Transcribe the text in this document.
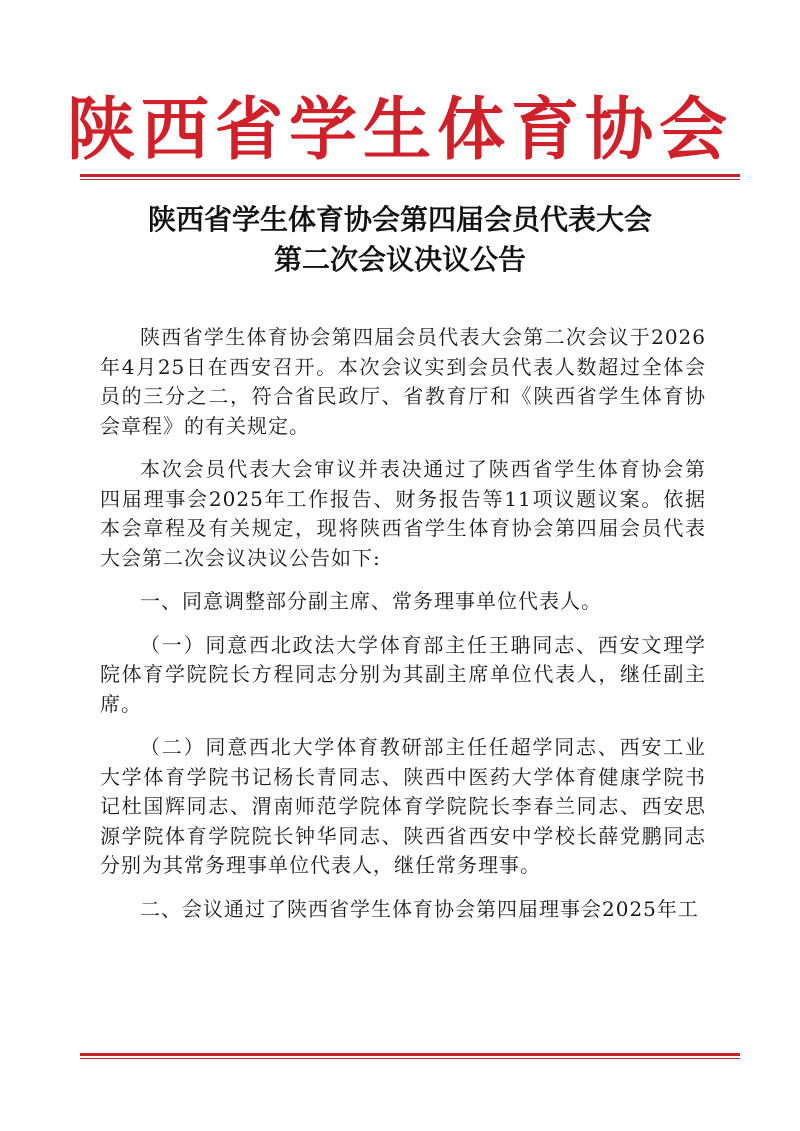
陕西省学生体育协会
陕西省学生体育协会第四届会员代表大会
第二次会议决议公告

陕西省学生体育协会第四届会员代表大会第二次会议于2026年4月25日在西安召开。本次会议实到会员代表人数超过全体会员的三分之二，符合省民政厅、省教育厅和《陕西省学生体育协会章程》的有关规定。

本次会员代表大会审议并表决通过了陕西省学生体育协会第四届理事会2025年工作报告、财务报告等11项议题议案。依据本会章程及有关规定，现将陕西省学生体育协会第四届会员代表大会第二次会议决议公告如下:

一、同意调整部分副主席、常务理事单位代表人。

（一）同意西北政法大学体育部主任王聃同志、西安文理学院体育学院院长方程同志分别为其副主席单位代表人，继任副主席。

（二）同意西北大学体育教研部主任任超学同志、西安工业大学体育学院书记杨长青同志、陕西中医药大学体育健康学院书记杜国辉同志、渭南师范学院体育学院院长李春兰同志、西安思源学院体育学院院长钟华同志、陕西省西安中学校长薛党鹏同志分别为其常务理事单位代表人，继任常务理事。

二、会议通过了陕西省学生体育协会第四届理事会2025年工
